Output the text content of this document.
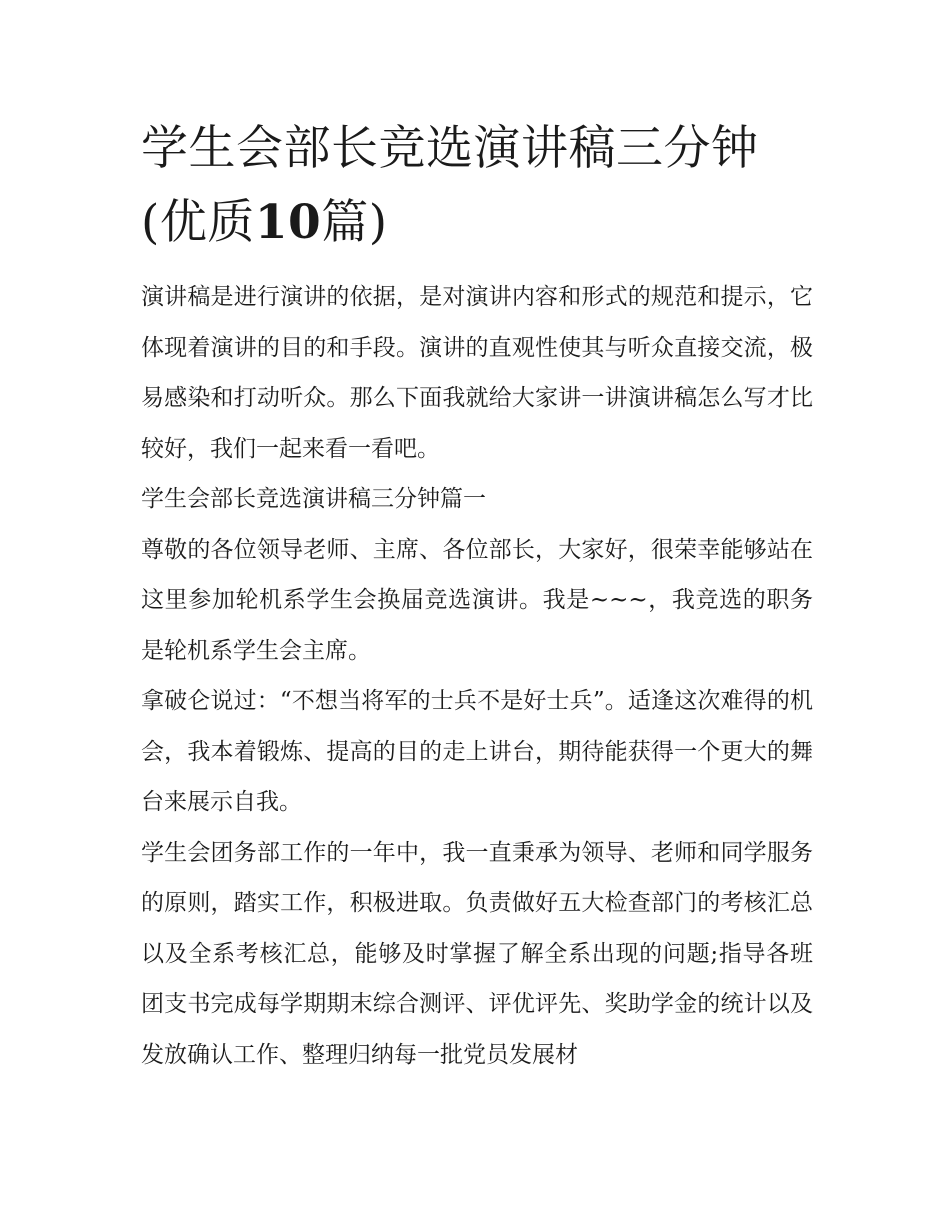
学生会部长竞选演讲稿三分钟
(优质10篇)

演讲稿是进行演讲的依据，是对演讲内容和形式的规范和提示，它体现着演讲的目的和手段。演讲的直观性使其与听众直接交流，极易感染和打动听众。那么下面我就给大家讲一讲演讲稿怎么写才比较好，我们一起来看一看吧。

学生会部长竞选演讲稿三分钟篇一

尊敬的各位领导老师、主席、各位部长，大家好，很荣幸能够站在这里参加轮机系学生会换届竞选演讲。我是~~~，我竞选的职务是轮机系学生会主席。

拿破仑说过：“不想当将军的士兵不是好士兵”。适逢这次难得的机会，我本着锻炼、提高的目的走上讲台，期待能获得一个更大的舞台来展示自我。

学生会团务部工作的一年中，我一直秉承为领导、老师和同学服务的原则，踏实工作，积极进取。负责做好五大检查部门的考核汇总以及全系考核汇总，能够及时掌握了解全系出现的问题;指导各班团支书完成每学期期末综合测评、评优评先、奖助学金的统计以及发放确认工作、整理归纳每一批党员发展材
